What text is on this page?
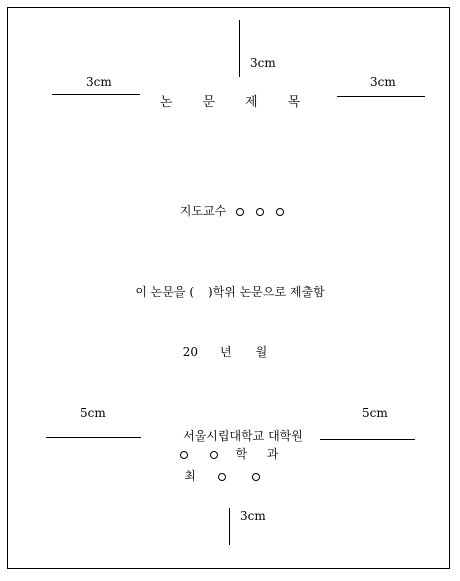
3cm
3cm	3cm
논 문 제 목
지도교수
이 논문을 ( )학위 논문으로 제출함
20 년 월
5cm	5cm
서울시립대학교 대학원
학 과
최
3cm
